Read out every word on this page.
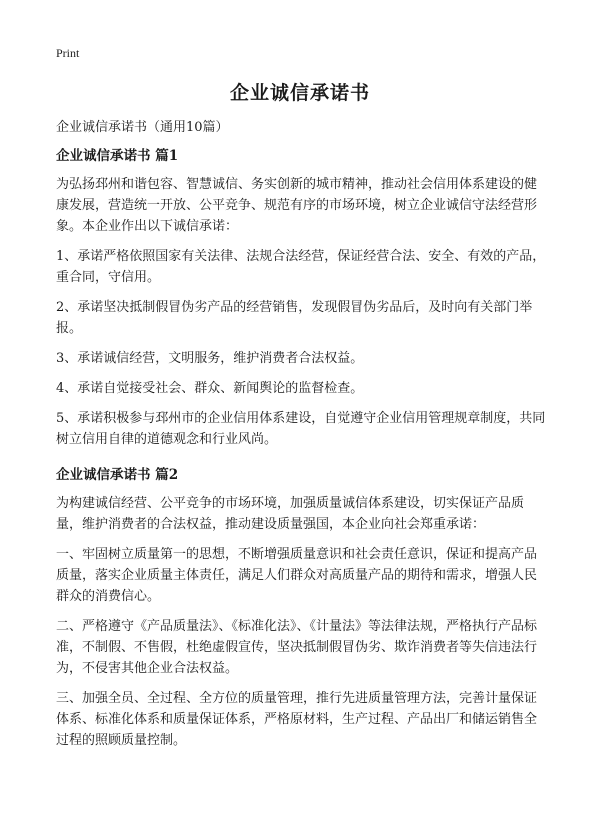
Print
企业诚信承诺书

企业诚信承诺书（通用10篇）

企业诚信承诺书 篇1

为弘扬邳州和谐包容、智慧诚信、务实创新的城市精神，推动社会信用体系建设的健康发展，营造统一开放、公平竞争、规范有序的市场环境，树立企业诚信守法经营形象。本企业作出以下诚信承诺：

1、承诺严格依照国家有关法律、法规合法经营，保证经营合法、安全、有效的产品，重合同，守信用。

2、承诺坚决抵制假冒伪劣产品的经营销售，发现假冒伪劣品后，及时向有关部门举报。

3、承诺诚信经营，文明服务，维护消费者合法权益。

4、承诺自觉接受社会、群众、新闻舆论的监督检查。

5、承诺积极参与邳州市的企业信用体系建设，自觉遵守企业信用管理规章制度，共同树立信用自律的道德观念和行业风尚。

企业诚信承诺书 篇2

为构建诚信经营、公平竞争的市场环境，加强质量诚信体系建设，切实保证产品质量，维护消费者的合法权益，推动建设质量强国，本企业向社会郑重承诺：

一、牢固树立质量第一的思想，不断增强质量意识和社会责任意识，保证和提高产品质量，落实企业质量主体责任，满足人们群众对高质量产品的期待和需求，增强人民群众的消费信心。

二、严格遵守《产品质量法》、《标准化法》、《计量法》等法律法规，严格执行产品标准，不制假、不售假，杜绝虚假宣传，坚决抵制假冒伪劣、欺诈消费者等失信违法行为，不侵害其他企业合法权益。

三、加强全员、全过程、全方位的质量管理，推行先进质量管理方法，完善计量保证体系、标准化体系和质量保证体系，严格原材料，生产过程、产品出厂和储运销售全过程的照顾质量控制。
